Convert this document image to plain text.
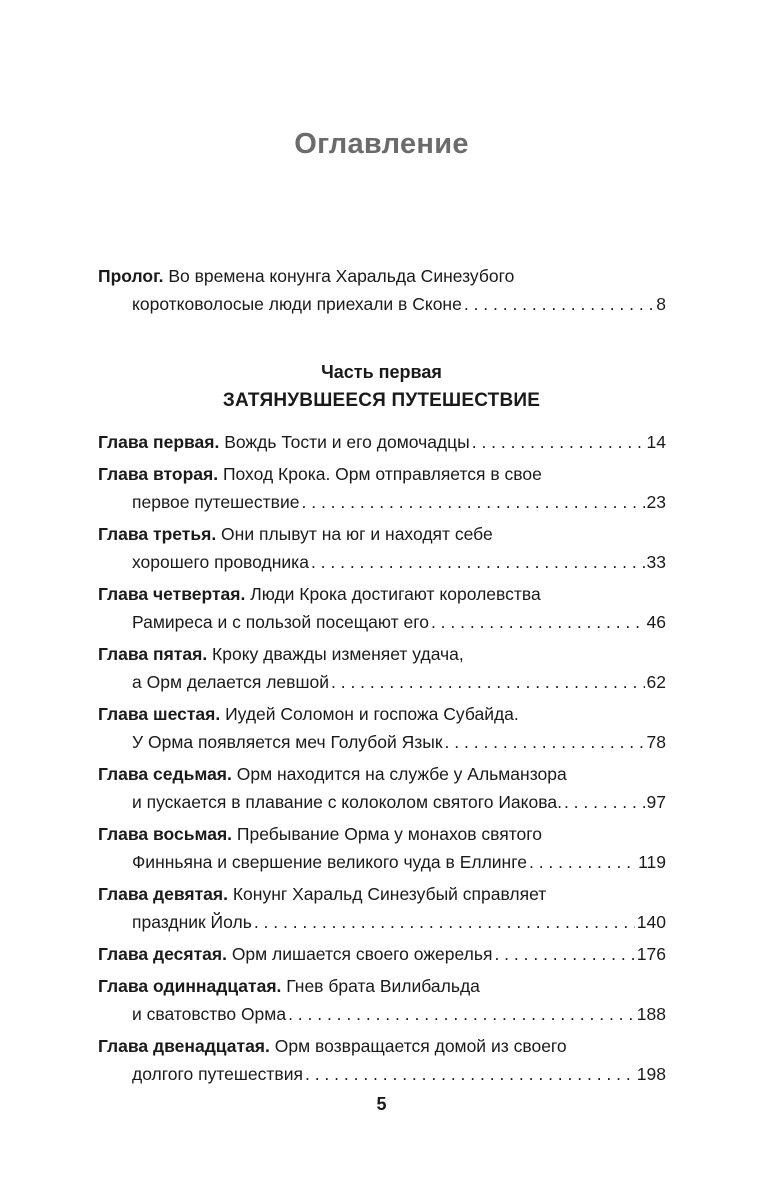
Оглавление
Пролог. Во времена конунга Харальда Синезубого
коротковолосые люди приехали в Сконе . . .	8
Часть первая
ЗАТЯНУВШЕЕСЯ ПУТЕШЕСТВИЕ
Глава первая. Вождь Тости и его домочадцы . . .	14
Глава вторая. Поход Крока. Орм отправляется в свое
первое путешествие . . .	23
Глава третья. Они плывут на юг и находят себе
хорошего проводника . . .	33
Глава четвертая. Люди Крока достигают королевства
Рамиреса и с пользой посещают его . . .	46
Глава пятая. Кроку дважды изменяет удача,
а Орм делается левшой . . .	62
Глава шестая. Иудей Соломон и госпожа Субайда.
У Орма появляется меч Голубой Язык . . .	78
Глава седьмая. Орм находится на службе у Альманзора
и пускается в плавание с колоколом святого Иакова. . . .	97
Глава восьмая. Пребывание Орма у монахов святого
Финньяна и свершение великого чуда в Еллинге . . .	119
Глава девятая. Конунг Харальд Синезубый справляет
праздник Йоль . . .	140
Глава десятая. Орм лишается своего ожерелья . . .	176
Глава одиннадцатая. Гнев брата Вилибальда
и сватовство Орма . . .	188
Глава двенадцатая. Орм возвращается домой из своего
долгого путешествия . . .	198
5
